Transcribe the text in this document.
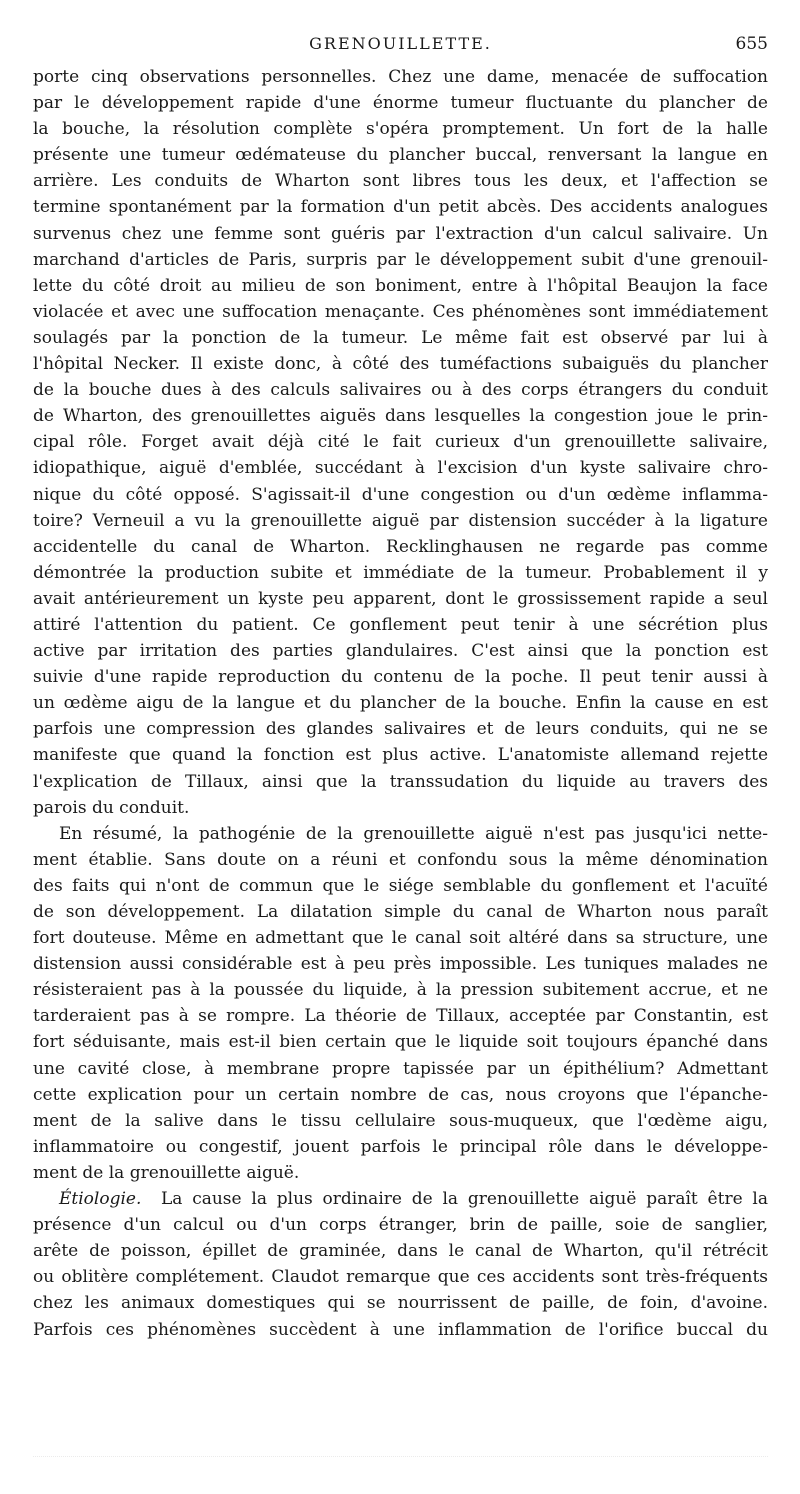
GRENOUILLETTE.	655
porte cinq observations personnelles. Chez une dame, menacée de suffocation
par le développement rapide d'une énorme tumeur fluctuante du plancher de
la bouche, la résolution complète s'opéra promptement. Un fort de la halle
présente une tumeur œdémateuse du plancher buccal, renversant la langue en
arrière. Les conduits de Wharton sont libres tous les deux, et l'affection se
termine spontanément par la formation d'un petit abcès. Des accidents analogues
survenus chez une femme sont guéris par l'extraction d'un calcul salivaire. Un
marchand d'articles de Paris, surpris par le développement subit d'une grenouil-
lette du côté droit au milieu de son boniment, entre à l'hôpital Beaujon la face
violacée et avec une suffocation menaçante. Ces phénomènes sont immédiatement
soulagés par la ponction de la tumeur. Le même fait est observé par lui à
l'hôpital Necker. Il existe donc, à côté des tuméfactions subaiguës du plancher
de la bouche dues à des calculs salivaires ou à des corps étrangers du conduit
de Wharton, des grenouillettes aiguës dans lesquelles la congestion joue le prin-
cipal rôle. Forget avait déjà cité le fait curieux d'un grenouillette salivaire,
idiopathique, aiguë d'emblée, succédant à l'excision d'un kyste salivaire chro-
nique du côté opposé. S'agissait-il d'une congestion ou d'un œdème inflamma-
toire? Verneuil a vu la grenouillette aiguë par distension succéder à la ligature
accidentelle du canal de Wharton. Recklinghausen ne regarde pas comme
démontrée la production subite et immédiate de la tumeur. Probablement il y
avait antérieurement un kyste peu apparent, dont le grossissement rapide a seul
attiré l'attention du patient. Ce gonflement peut tenir à une sécrétion plus
active par irritation des parties glandulaires. C'est ainsi que la ponction est
suivie d'une rapide reproduction du contenu de la poche. Il peut tenir aussi à
un œdème aigu de la langue et du plancher de la bouche. Enfin la cause en est
parfois une compression des glandes salivaires et de leurs conduits, qui ne se
manifeste que quand la fonction est plus active. L'anatomiste allemand rejette
l'explication de Tillaux, ainsi que la transsudation du liquide au travers des
parois du conduit.
En résumé, la pathogénie de la grenouillette aiguë n'est pas jusqu'ici nette-
ment établie. Sans doute on a réuni et confondu sous la même dénomination
des faits qui n'ont de commun que le siége semblable du gonflement et l'acuïté
de son développement. La dilatation simple du canal de Wharton nous paraît
fort douteuse. Même en admettant que le canal soit altéré dans sa structure, une
distension aussi considérable est à peu près impossible. Les tuniques malades ne
résisteraient pas à la poussée du liquide, à la pression subitement accrue, et ne
tarderaient pas à se rompre. La théorie de Tillaux, acceptée par Constantin, est
fort séduisante, mais est-il bien certain que le liquide soit toujours épanché dans
une cavité close, à membrane propre tapissée par un épithélium? Admettant
cette explication pour un certain nombre de cas, nous croyons que l'épanche-
ment de la salive dans le tissu cellulaire sous-muqueux, que l'œdème aigu,
inflammatoire ou congestif, jouent parfois le principal rôle dans le développe-
ment de la grenouillette aiguë.
Étiologie. La cause la plus ordinaire de la grenouillette aiguë paraît être la
présence d'un calcul ou d'un corps étranger, brin de paille, soie de sanglier,
arête de poisson, épillet de graminée, dans le canal de Wharton, qu'il rétrécit
ou oblitère complétement. Claudot remarque que ces accidents sont très-fréquents
chez les animaux domestiques qui se nourrissent de paille, de foin, d'avoine.
Parfois ces phénomènes succèdent à une inflammation de l'orifice buccal du
